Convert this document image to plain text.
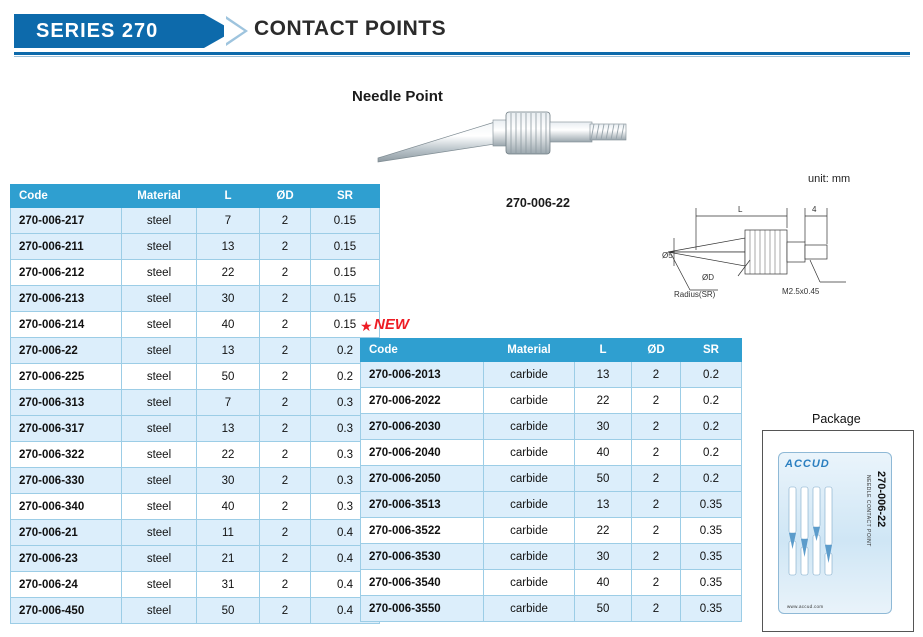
SERIES 270	CONTACT POINTS
Needle Point
270-006-22
unit: mm
L	4
Ø5
ØD
Radius(SR)	M2.5x0.45
Code	Material	L	ØD	SR
270-006-217	steel	7	2	0.15
270-006-211	steel	13	2	0.15
270-006-212	steel	22	2	0.15
270-006-213	steel	30	2	0.15
270-006-214	steel	40	2	0.15
270-006-22	steel	13	2	0.2
270-006-225	steel	50	2	0.2
270-006-313	steel	7	2	0.3
270-006-317	steel	13	2	0.3
270-006-322	steel	22	2	0.3
270-006-330	steel	30	2	0.3
270-006-340	steel	40	2	0.3
270-006-21	steel	11	2	0.4
270-006-23	steel	21	2	0.4
270-006-24	steel	31	2	0.4
270-006-450	steel	50	2	0.4
★ NEW
Code	Material	L	ØD	SR
270-006-2013	carbide	13	2	0.2
270-006-2022	carbide	22	2	0.2
270-006-2030	carbide	30	2	0.2
270-006-2040	carbide	40	2	0.2
270-006-2050	carbide	50	2	0.2
270-006-3513	carbide	13	2	0.35
270-006-3522	carbide	22	2	0.35
270-006-3530	carbide	30	2	0.35
270-006-3540	carbide	40	2	0.35
270-006-3550	carbide	50	2	0.35
Package
ACCUD
270-006-22
NEEDLE CONTACT POINT
www.accud.com
